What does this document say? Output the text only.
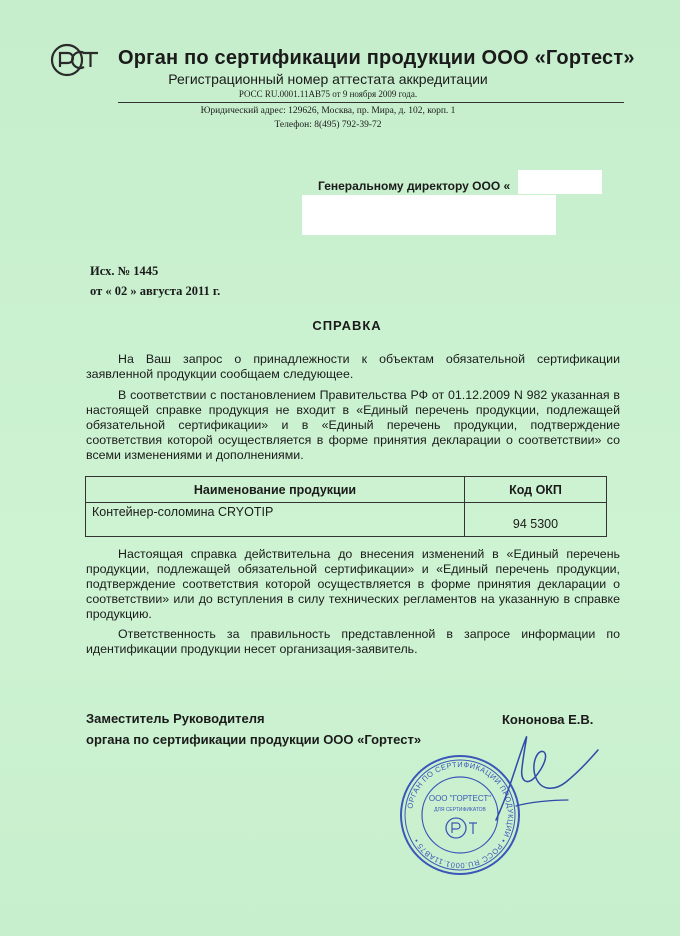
Орган по сертификации продукции ООО «Гортест»
Регистрационный номер аттестата аккредитации
РОСС RU.0001.11АВ75 от 9 ноября 2009 года.
Юридический адрес: 129626, Москва, пр. Мира, д. 102, корп. 1
Телефон: 8(495) 792-39-72
Генеральному директору ООО «
Исх. № 1445
от « 02 » августа 2011 г.
СПРАВКА
На Ваш запрос о принадлежности к объектам обязательной сертификации заявленной продукции сообщаем следующее.
В соответствии с постановлением Правительства РФ от 01.12.2009 N 982 указанная в настоящей справке продукция не входит в «Единый перечень продукции, подлежащей обязательной сертификации» и в «Единый перечень продукции, подтверждение соответствия которой осуществляется в форме принятия декларации о соответствии» со всеми изменениями и дополнениями.
Наименование продукции	Код ОКП
Контейнер-соломина CRYOTIP	94 5300
Настоящая справка действительна до внесения изменений в «Единый перечень продукции, подлежащей обязательной сертификации» и «Единый перечень продукции, подтверждение соответствия которой осуществляется в форме принятия декларации о соответствии» или до вступления в силу технических регламентов на указанную в справке продукцию.
Ответственность за правильность представленной в запросе информации по идентификации продукции несет организация-заявитель.
Заместитель Руководителя
органа по сертификации продукции ООО «Гортест»
Кононова Е.В.
ОРГАН ПО СЕРТИФИКАЦИИ ПРОДУКЦИИ • РОСС RU.0001.11АВ75 •
ООО "ГОРТЕСТ"
ДЛЯ СЕРТИФИКАТОВ
